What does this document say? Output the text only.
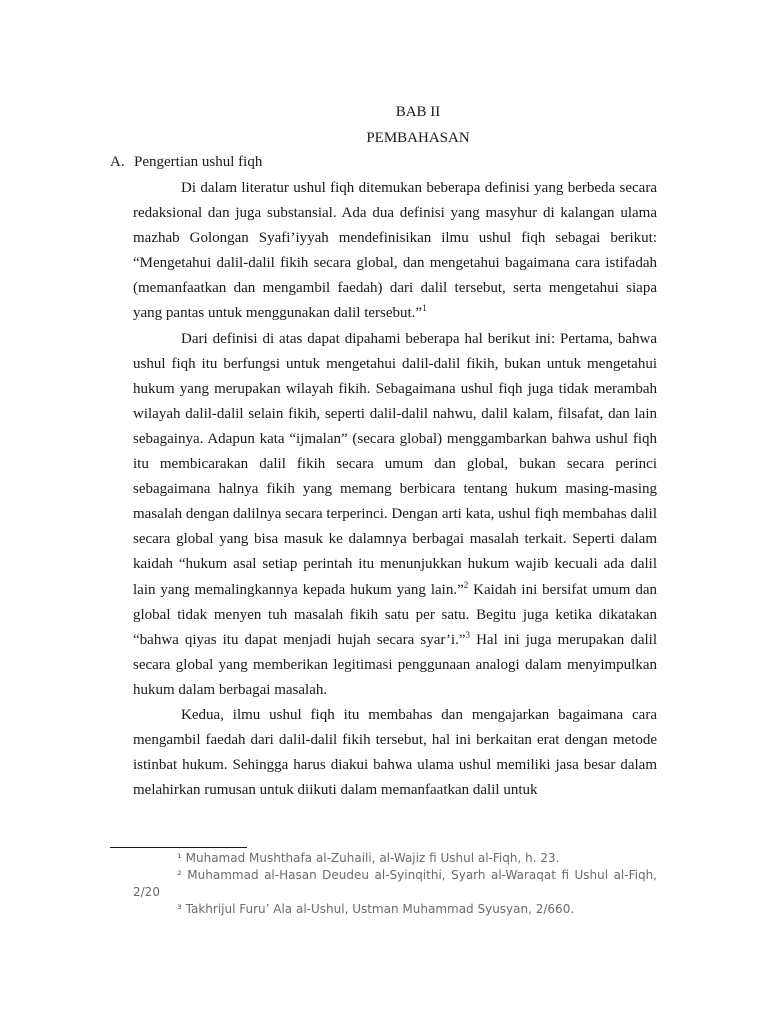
BAB II
PEMBAHASAN
A. Pengertian ushul fiqh

Di dalam literatur ushul fiqh ditemukan beberapa definisi yang berbeda secara redaksional dan juga substansial. Ada dua definisi yang masyhur di kalangan ulama mazhab Golongan Syafi’iyyah mendefinisikan ilmu ushul fiqh sebagai berikut: “Mengetahui dalil-dalil fikih secara global, dan mengetahui bagaimana cara istifadah (memanfaatkan dan mengambil faedah) dari dalil tersebut, serta mengetahui siapa yang pantas untuk menggunakan dalil tersebut.”$^1$

Dari definisi di atas dapat dipahami beberapa hal berikut ini: Pertama, bahwa ushul fiqh itu berfungsi untuk mengetahui dalil-dalil fikih, bukan untuk mengetahui hukum yang merupakan wilayah fikih. Sebagaimana ushul fiqh juga tidak merambah wilayah dalil-dalil selain fikih, seperti dalil-dalil nahwu, dalil kalam, filsafat, dan lain sebagainya. Adapun kata “ijmalan” (secara global) menggambarkan bahwa ushul fiqh itu membicarakan dalil fikih secara umum dan global, bukan secara perinci sebagaimana halnya fikih yang memang berbicara tentang hukum masing-masing masalah dengan dalilnya secara terperinci. Dengan arti kata, ushul fiqh membahas dalil secara global yang bisa masuk ke dalamnya berbagai masalah terkait. Seperti dalam kaidah “hukum asal setiap perintah itu menunjukkan hukum wajib kecuali ada dalil lain yang memalingkannya kepada hukum yang lain.”$^2$ Kaidah ini bersifat umum dan global tidak menyen tuh masalah fikih satu per satu. Begitu juga ketika dikatakan “bahwa qiyas itu dapat menjadi hujah secara syar’i.”$^3$ Hal ini juga merupakan dalil secara global yang memberikan legitimasi penggunaan analogi dalam menyimpulkan hukum dalam berbagai masalah.

Kedua, ilmu ushul fiqh itu membahas dan mengajarkan bagaimana cara mengambil faedah dari dalil-dalil fikih tersebut, hal ini berkaitan erat dengan metode istinbat hukum. Sehingga harus diakui bahwa ulama ushul memiliki jasa besar dalam melahirkan rumusan untuk diikuti dalam memanfaatkan dalil untuk

¹ Muhamad Mushthafa al-Zuhaili, al-Wajiz fi Ushul al-Fiqh, h. 23.

² Muhammad al-Hasan Deudeu al-Syinqithi, Syarh al-Waraqat fi Ushul al-Fiqh, 2/20

³ Takhrijul Furu’ Ala al-Ushul, Ustman Muhammad Syusyan, 2/660.
